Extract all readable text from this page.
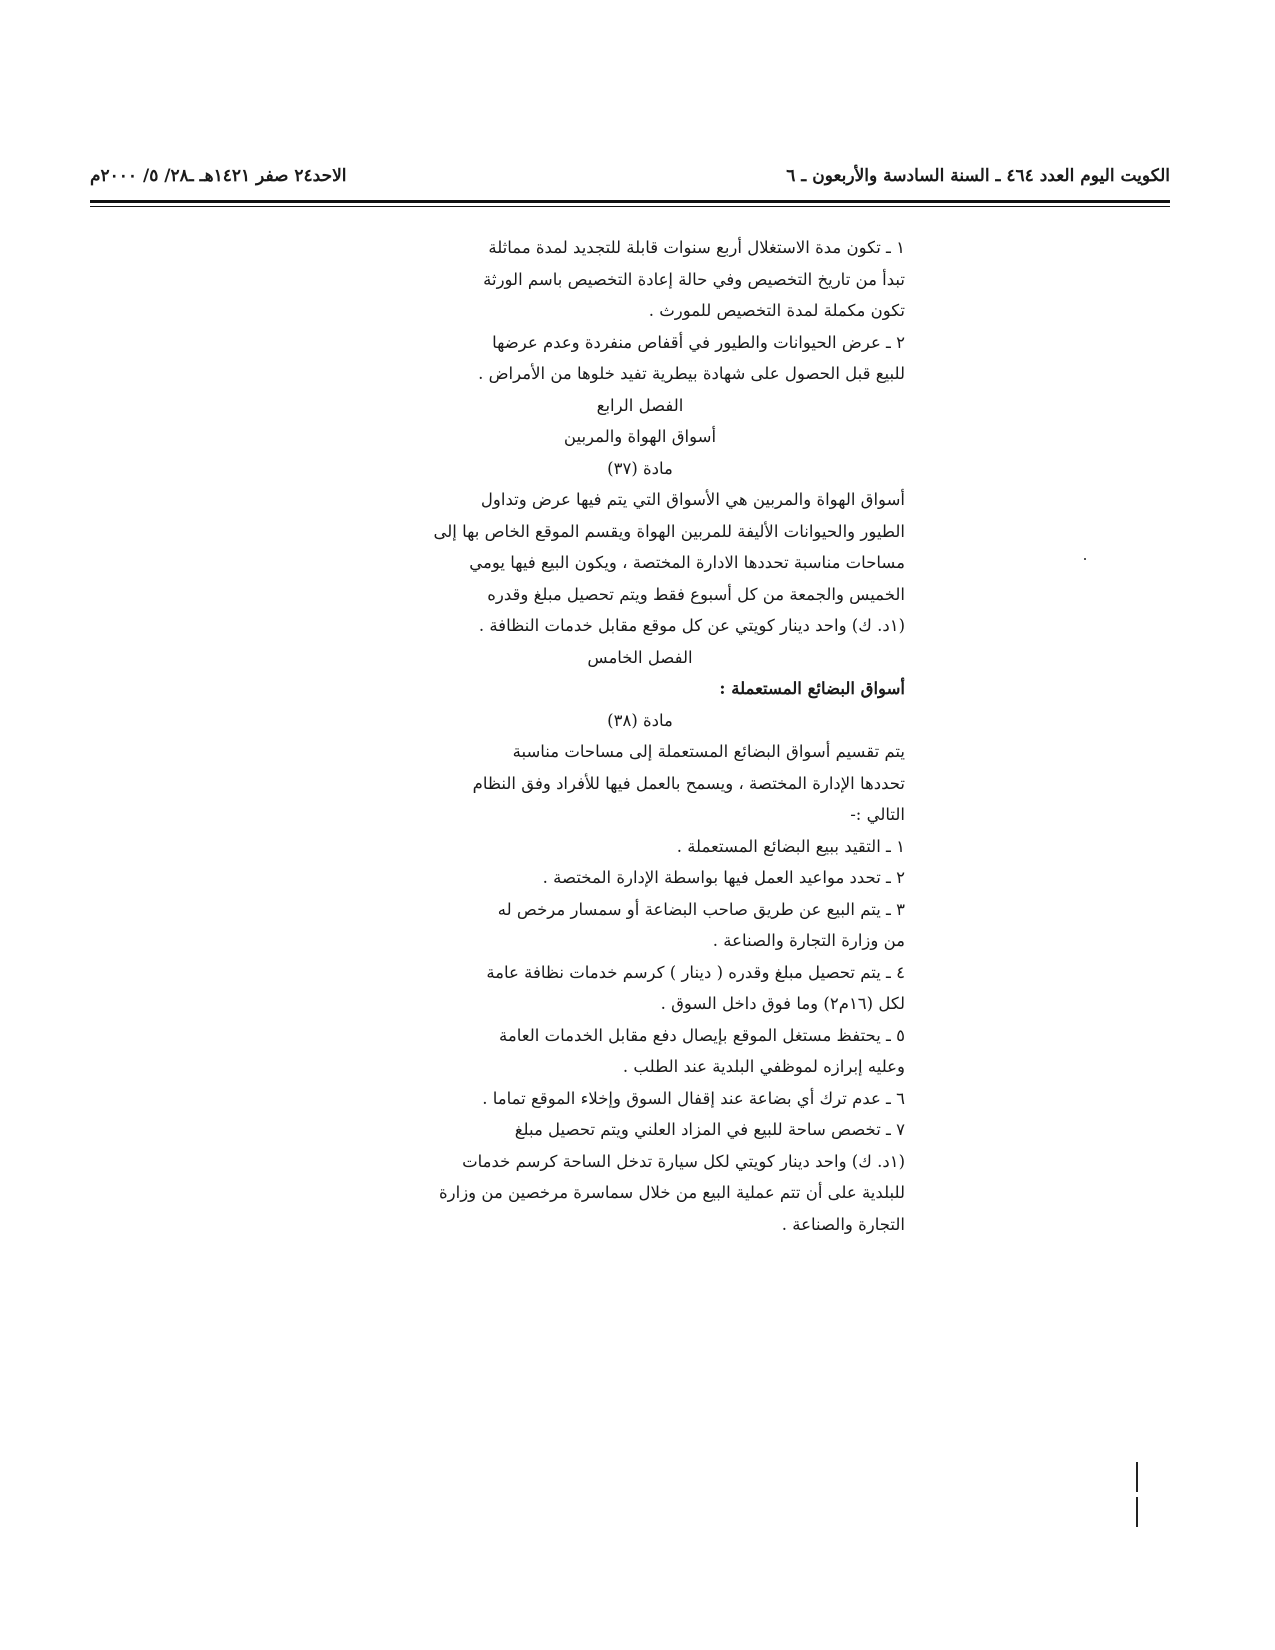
الكويت اليوم العدد ٤٦٤ ـ السنة السادسة والأربعون ـ ٦
الاحد٢٤ صفر ١٤٢١هـ ـ٢٨/ ٥/ ٢٠٠٠م

١ ـ تكون مدة الاستغلال أربع سنوات قابلة للتجديد لمدة مماثلة

تبدأ من تاريخ التخصيص وفي حالة إعادة التخصيص باسم الورثة

تكون مكملة لمدة التخصيص للمورث .

٢ ـ عرض الحيوانات والطيور في أقفاص منفردة وعدم عرضها

للبيع قبل الحصول على شهادة بيطرية تفيد خلوها من الأمراض .

الفصل الرابع

أسواق الهواة والمربين

مادة (٣٧)

أسواق الهواة والمربين هي الأسواق التي يتم فيها عرض وتداول

الطيور والحيوانات الأليفة للمربين الهواة ويقسم الموقع الخاص بها إلى

مساحات مناسبة تحددها الادارة المختصة ، ويكون البيع فيها يومي

الخميس والجمعة من كل أسبوع فقط ويتم تحصيل مبلغ وقدره

(١د. ك) واحد دينار كويتي عن كل موقع مقابل خدمات النظافة .

الفصل الخامس

أسواق البضائع المستعملة :

مادة (٣٨)

يتم تقسيم أسواق البضائع المستعملة إلى مساحات مناسبة

تحددها الإدارة المختصة ، ويسمح بالعمل فيها للأفراد وفق النظام

التالي :-

١ ـ التقيد ببيع البضائع المستعملة .

٢ ـ تحدد مواعيد العمل فيها بواسطة الإدارة المختصة .

٣ ـ يتم البيع عن طريق صاحب البضاعة أو سمسار مرخص له

من وزارة التجارة والصناعة .

٤ ـ يتم تحصيل مبلغ وقدره ( دينار ) كرسم خدمات نظافة عامة

لكل (١٦م٢) وما فوق داخل السوق .

٥ ـ يحتفظ مستغل الموقع بإيصال دفع مقابل الخدمات العامة

وعليه إبرازه لموظفي البلدية عند الطلب .

٦ ـ عدم ترك أي بضاعة عند إقفال السوق وإخلاء الموقع تماما .

٧ ـ تخصص ساحة للبيع في المزاد العلني ويتم تحصيل مبلغ

(١د. ك) واحد دينار كويتي لكل سيارة تدخل الساحة كرسم خدمات

للبلدية على أن تتم عملية البيع من خلال سماسرة مرخصين من وزارة

التجارة والصناعة .
